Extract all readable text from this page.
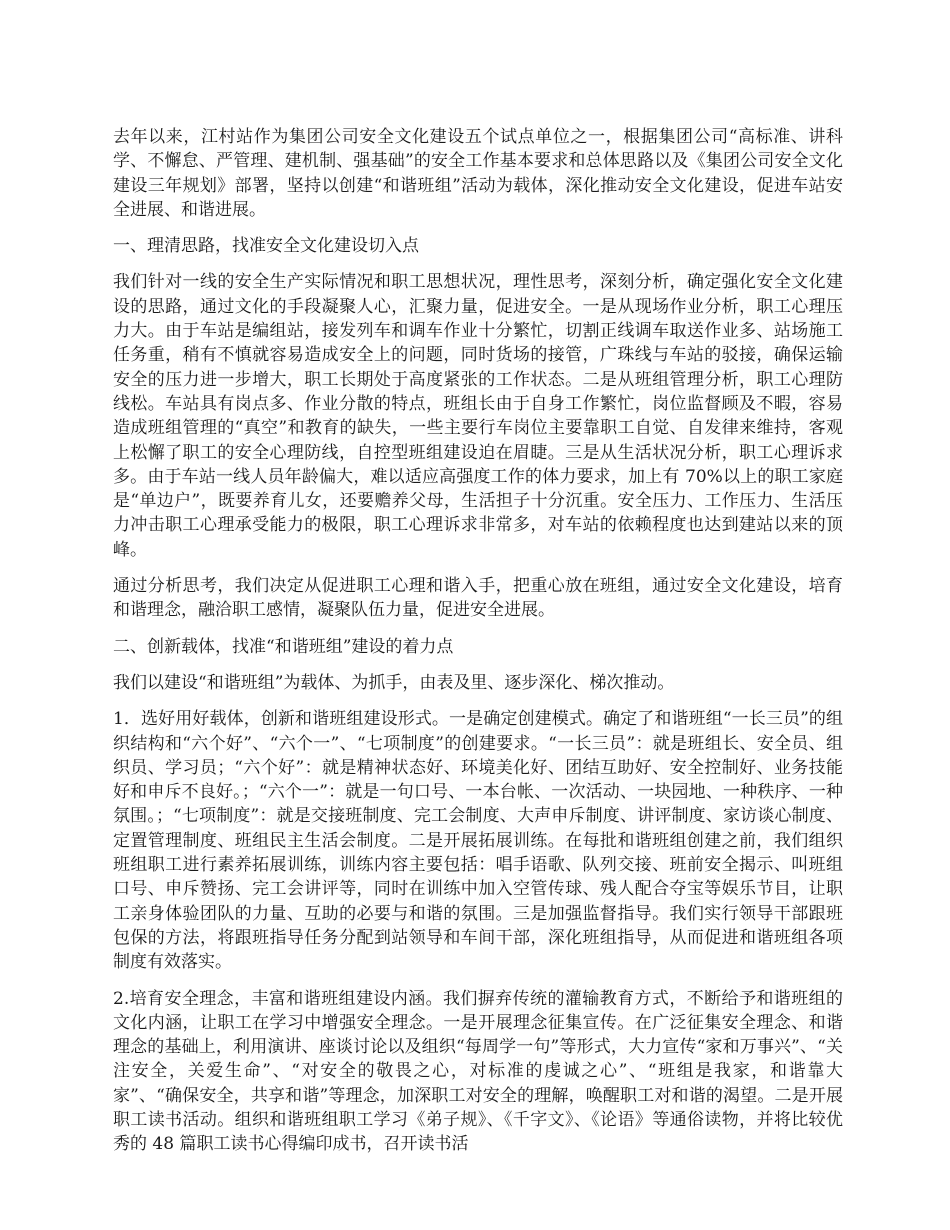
去年以来，江村站作为集团公司安全文化建设五个试点单位之一，根据集团公司“高标准、讲科学、不懈怠、严管理、建机制、强基础”的安全工作基本要求和总体思路以及《集团公司安全文化建设三年规划》部署，坚持以创建“和谐班组”活动为载体，深化推动安全文化建设，促进车站安全进展、和谐进展。

一、理清思路，找准安全文化建设切入点

我们针对一线的安全生产实际情况和职工思想状况，理性思考，深刻分析，确定强化安全文化建设的思路，通过文化的手段凝聚人心，汇聚力量，促进安全。一是从现场作业分析，职工心理压力大。由于车站是编组站，接发列车和调车作业十分繁忙，切割正线调车取送作业多、站场施工任务重，稍有不慎就容易造成安全上的问题，同时货场的接管，广珠线与车站的驳接，确保运输安全的压力进一步增大，职工长期处于高度紧张的工作状态。二是从班组管理分析，职工心理防线松。车站具有岗点多、作业分散的特点，班组长由于自身工作繁忙，岗位监督顾及不暇，容易造成班组管理的“真空”和教育的缺失，一些主要行车岗位主要靠职工自觉、自发律来维持，客观上松懈了职工的安全心理防线，自控型班组建设迫在眉睫。三是从生活状况分析，职工心理诉求多。由于车站一线人员年龄偏大，难以适应高强度工作的体力要求，加上有 70%以上的职工家庭是“单边户”，既要养育儿女，还要赡养父母，生活担子十分沉重。安全压力、工作压力、生活压力冲击职工心理承受能力的极限，职工心理诉求非常多，对车站的依赖程度也达到建站以来的顶峰。

通过分析思考，我们决定从促进职工心理和谐入手，把重心放在班组，通过安全文化建设，培育和谐理念，融洽职工感情，凝聚队伍力量，促进安全进展。

二、创新载体，找准“和谐班组”建设的着力点

我们以建设“和谐班组”为载体、为抓手，由表及里、逐步深化、梯次推动。

1．选好用好载体，创新和谐班组建设形式。一是确定创建模式。确定了和谐班组“一长三员”的组织结构和“六个好”、“六个一”、“七项制度”的创建要求。“一长三员”：就是班组长、安全员、组织员、学习员；“六个好”：就是精神状态好、环境美化好、团结互助好、安全控制好、业务技能好和申斥不良好。；“六个一”：就是一句口号、一本台帐、一次活动、一块园地、一种秩序、一种氛围。；“七项制度”：就是交接班制度、完工会制度、大声申斥制度、讲评制度、家访谈心制度、定置管理制度、班组民主生活会制度。二是开展拓展训练。在每批和谐班组创建之前，我们组织班组职工进行素养拓展训练，训练内容主要包括：唱手语歌、队列交接、班前安全揭示、叫班组口号、申斥赞扬、完工会讲评等，同时在训练中加入空管传球、残人配合夺宝等娱乐节目，让职工亲身体验团队的力量、互助的必要与和谐的氛围。三是加强监督指导。我们实行领导干部跟班包保的方法，将跟班指导任务分配到站领导和车间干部，深化班组指导，从而促进和谐班组各项制度有效落实。

2.培育安全理念，丰富和谐班组建设内涵。我们摒弃传统的灌输教育方式，不断给予和谐班组的文化内涵，让职工在学习中增强安全理念。一是开展理念征集宣传。在广泛征集安全理念、和谐理念的基础上，利用演讲、座谈讨论以及组织“每周学一句”等形式，大力宣传“家和万事兴”、“关注安全，关爱生命”、“对安全的敬畏之心，对标准的虔诚之心”、“班组是我家，和谐靠大家”、“确保安全，共享和谐”等理念，加深职工对安全的理解，唤醒职工对和谐的渴望。二是开展职工读书活动。组织和谐班组职工学习《弟子规》、《千字文》、《论语》等通俗读物，并将比较优秀的 48 篇职工读书心得编印成书，召开读书活
